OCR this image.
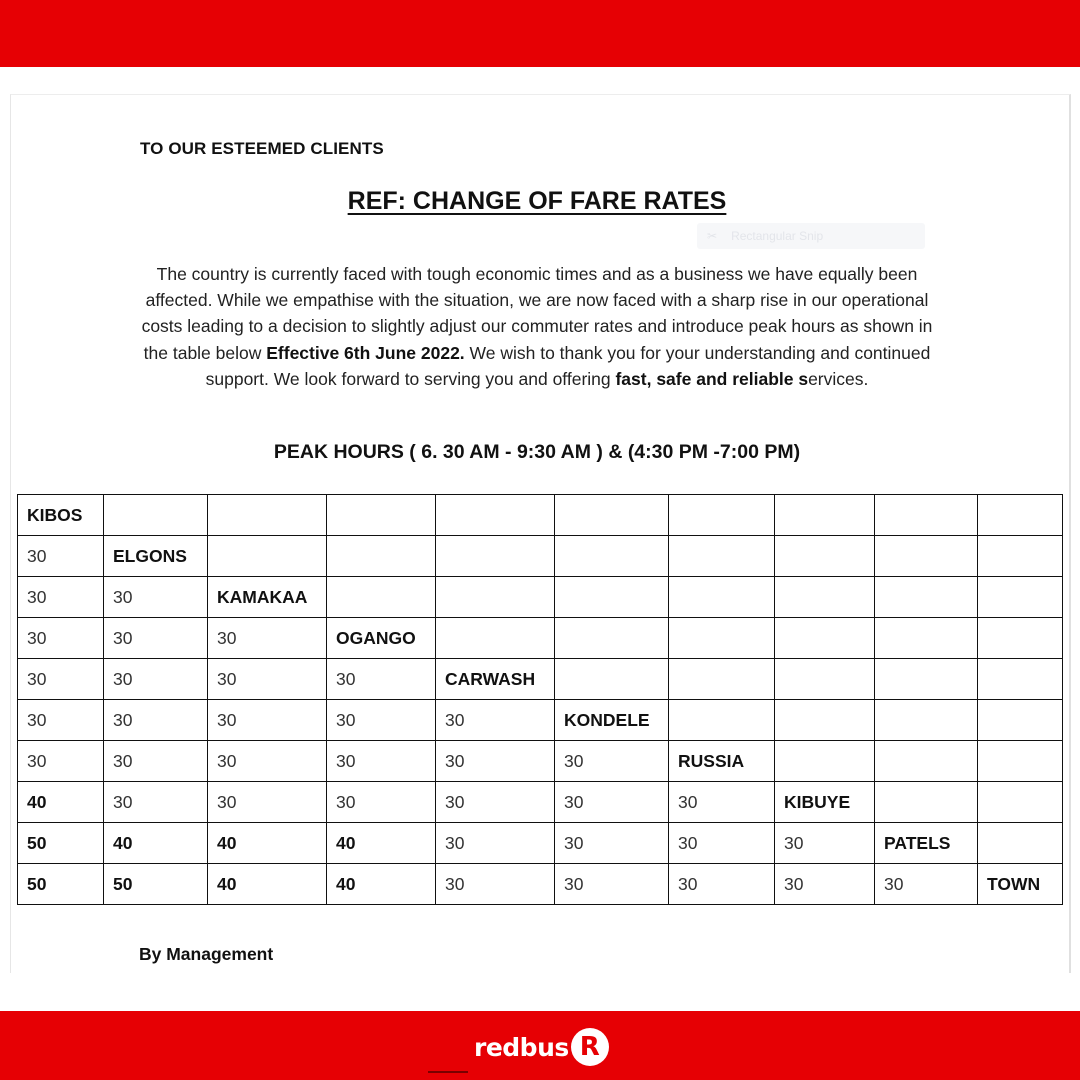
TO OUR ESTEEMED CLIENTS
REF: CHANGE OF FARE RATES
✂ Rectangular Snip
The country is currently faced with tough economic times and as a business we have equally been affected. While we empathise with the situation, we are now faced with a sharp rise in our operational costs leading to a decision to slightly adjust our commuter rates and introduce peak hours as shown in the table below Effective 6th June 2022. We wish to thank you for your understanding and continued support. We look forward to serving you and offering fast, safe and reliable services.
PEAK HOURS ( 6. 30 AM - 9:30 AM ) & (4:30 PM -7:00 PM)
KIBOS									
30	ELGONS								
30	30	KAMAKAA							
30	30	30	OGANGO						
30	30	30	30	CARWASH					
30	30	30	30	30	KONDELE				
30	30	30	30	30	30	RUSSIA			
40	30	30	30	30	30	30	KIBUYE		
50	40	40	40	30	30	30	30	PATELS	
50	50	40	40	30	30	30	30	30	TOWN
By Management
redbus R
